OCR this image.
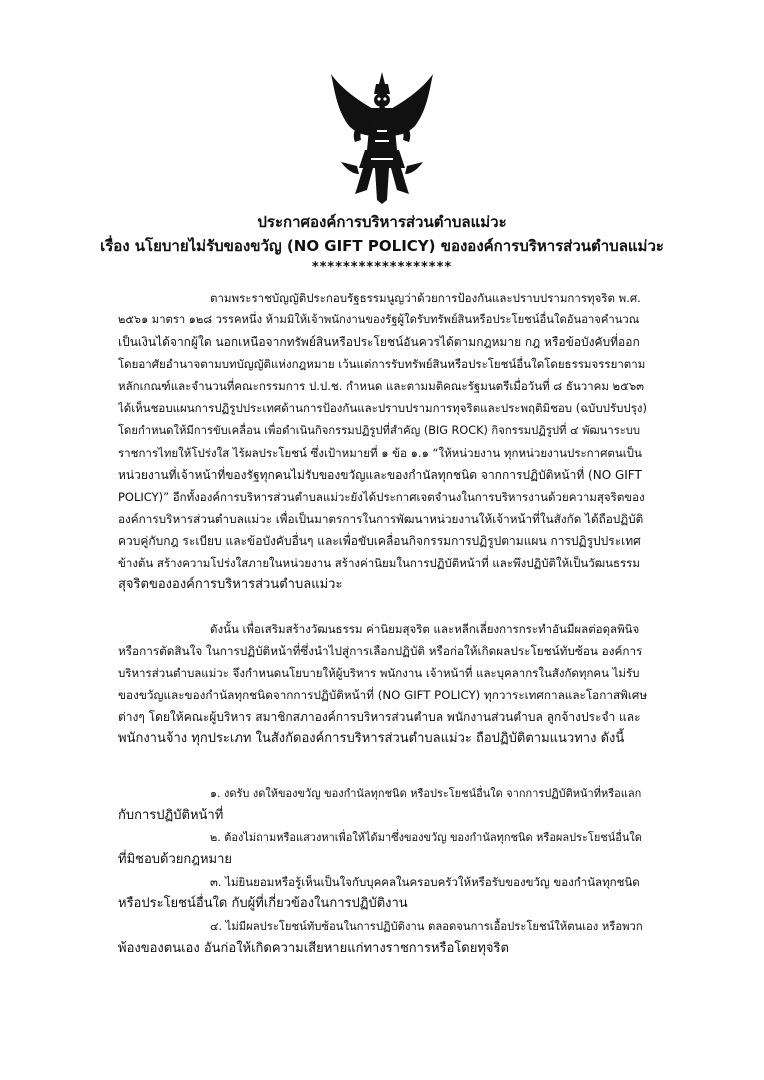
ประกาศองค์การบริหารส่วนตำบลแม่วะ
เรื่อง นโยบายไม่รับของขวัญ (NO GIFT POLICY) ขององค์การบริหารส่วนตำบลแม่วะ
******************
ตามพระราชบัญญัติประกอบรัฐธรรมนูญว่าด้วยการป้องกันและปราบปรามการทุจริต พ.ศ.
๒๕๖๑ มาตรา ๑๒๘ วรรคหนึ่ง ห้ามมิให้เจ้าพนักงานของรัฐผู้ใดรับทรัพย์สินหรือประโยชน์อื่นใดอันอาจคำนวณ
เป็นเงินได้จากผู้ใด นอกเหนือจากทรัพย์สินหรือประโยชน์อันควรได้ตามกฎหมาย กฎ หรือข้อบังคับที่ออก
โดยอาศัยอำนาจตามบทบัญญัติแห่งกฎหมาย เว้นแต่การรับทรัพย์สินหรือประโยชน์อื่นใดโดยธรรมจรรยาตาม
หลักเกณฑ์และจำนวนที่คณะกรรมการ ป.ป.ช. กำหนด และตามมติคณะรัฐมนตรีเมื่อวันที่ ๘ ธันวาคม ๒๕๖๓
ได้เห็นชอบแผนการปฏิรูปประเทศด้านการป้องกันและปราบปรามการทุจริตและประพฤติมิชอบ (ฉบับปรับปรุง)
โดยกำหนดให้มีการขับเคลื่อน เพื่อดำเนินกิจกรรมปฏิรูปที่สำคัญ (BIG ROCK) กิจกรรมปฏิรูปที่ ๔ พัฒนาระบบ
ราชการไทยให้โปร่งใส ไร้ผลประโยชน์ ซึ่งเป้าหมายที่ ๑ ข้อ ๑.๑ “ให้หน่วยงาน ทุกหน่วยงานประกาศตนเป็น
หน่วยงานที่เจ้าหน้าที่ของรัฐทุกคนไม่รับของขวัญและของกำนัลทุกชนิด จากการปฏิบัติหน้าที่ (NO GIFT
POLICY)” อีกทั้งองค์การบริหารส่วนตำบลแม่วะยังได้ประกาศเจตจำนงในการบริหารงานด้วยความสุจริตของ
องค์การบริหารส่วนตำบลแม่วะ เพื่อเป็นมาตรการในการพัฒนาหน่วยงานให้เจ้าหน้าที่ในสังกัด ได้ถือปฏิบัติ
ควบคู่กับกฎ ระเบียบ และข้อบังคับอื่นๆ และเพื่อขับเคลื่อนกิจกรรมการปฏิรูปตามแผน การปฏิรูปประเทศ
ข้างต้น สร้างความโปร่งใสภายในหน่วยงาน สร้างค่านิยมในการปฏิบัติหน้าที่ และพึงปฏิบัติให้เป็นวัฒนธรรม
สุจริตขององค์การบริหารส่วนตำบลแม่วะ
ดังนั้น เพื่อเสริมสร้างวัฒนธรรม ค่านิยมสุจริต และหลีกเลี่ยงการกระทำอันมีผลต่อดุลพินิจ
หรือการตัดสินใจ ในการปฏิบัติหน้าที่ซึ่งนำไปสู่การเลือกปฏิบัติ หรือก่อให้เกิดผลประโยชน์ทับซ้อน องค์การ
บริหารส่วนตำบลแม่วะ จึงกำหนดนโยบายให้ผู้บริหาร พนักงาน เจ้าหน้าที่ และบุคลากรในสังกัดทุกคน ไม่รับ
ของขวัญและของกำนัลทุกชนิดจากการปฏิบัติหน้าที่ (NO GIFT POLICY) ทุกวาระเทศกาลและโอกาสพิเศษ
ต่างๆ โดยให้คณะผู้บริหาร สมาชิกสภาองค์การบริหารส่วนตำบล พนักงานส่วนตำบล ลูกจ้างประจำ และ
พนักงานจ้าง ทุกประเภท ในสังกัดองค์การบริหารส่วนตำบลแม่วะ ถือปฏิบัติตามแนวทาง ดังนี้
๑. งดรับ งดให้ของขวัญ ของกำนัลทุกชนิด หรือประโยชน์อื่นใด จากการปฏิบัติหน้าที่หรือแลก
กับการปฏิบัติหน้าที่
๒. ต้องไม่ถามหรือแสวงหาเพื่อให้ได้มาซึ่งของขวัญ ของกำนัลทุกชนิด หรือผลประโยชน์อื่นใด
ที่มิชอบด้วยกฎหมาย
๓. ไม่ยินยอมหรือรู้เห็นเป็นใจกับบุคคลในครอบครัวให้หรือรับของขวัญ ของกำนัลทุกชนิด
หรือประโยชน์อื่นใด กับผู้ที่เกี่ยวข้องในการปฏิบัติงาน
๔. ไม่มีผลประโยชน์ทับซ้อนในการปฏิบัติงาน ตลอดจนการเอื้อประโยชน์ให้ตนเอง หรือพวก
พ้องของตนเอง อันก่อให้เกิดความเสียหายแก่ทางราชการหรือโดยทุจริต
